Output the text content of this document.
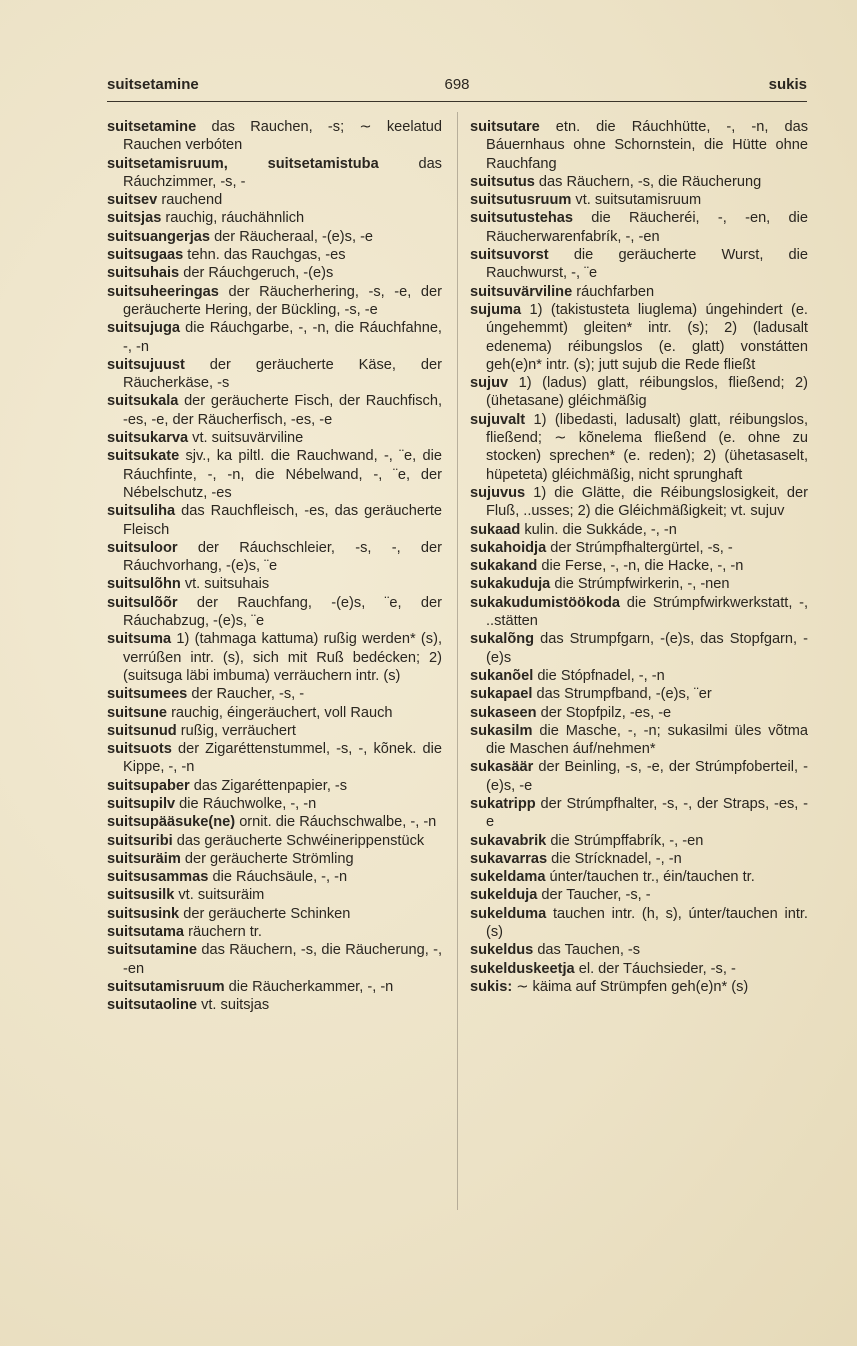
suitsetamine	698	sukis

suitsetamine das Rauchen, -s; ∼ keelatud Rauchen verbóten

suitsetamisruum, suitsetamistuba das Ráuchzimmer, -s, -

suitsev rauchend

suitsjas rauchig, ráuchähnlich

suitsuangerjas der Räucheraal, -(e)s, -e

suitsugaas tehn. das Rauchgas, -es

suitsuhais der Ráuchgeruch, -(e)s

suitsuheeringas der Räucherhering, -s, -e, der geräucherte Hering, der Bückling, -s, -e

suitsujuga die Ráuchgarbe, -, -n, die Ráuchfahne, -, -n

suitsujuust der geräucherte Käse, der Räucherkäse, -s

suitsukala der geräucherte Fisch, der Rauchfisch, -es, -e, der Räucherfisch, -es, -e

suitsukarva vt. suitsuvärviline

suitsukate sjv., ka piltl. die Rauchwand, -, ¨e, die Ráuchfinte, -, -n, die Nébelwand, -, ¨e, der Nébelschutz, -es

suitsuliha das Rauchfleisch, -es, das geräucherte Fleisch

suitsuloor der Ráuchschleier, -s, -, der Ráuchvorhang, -(e)s, ¨e

suitsulõhn vt. suitsuhais

suitsulõõr der Rauchfang, -(e)s, ¨e, der Ráuchabzug, -(e)s, ¨e

suitsuma 1) (tahmaga kattuma) rußig werden* (s), verrúßen intr. (s), sich mit Ruß bedécken; 2) (suitsuga läbi imbuma) verräuchern intr. (s)

suitsumees der Raucher, -s, -

suitsune rauchig, éingeräuchert, voll Rauch

suitsunud rußig, verräuchert

suitsuots der Zigaréttenstummel, -s, -, kõnek. die Kippe, -, -n

suitsupaber das Zigaréttenpapier, -s

suitsupilv die Ráuchwolke, -, -n

suitsupääsuke(ne) ornit. die Ráuchschwalbe, -, -n

suitsuribi das geräucherte Schwéinerippenstück

suitsuräim der geräucherte Strömling

suitsusammas die Ráuchsäule, -, -n

suitsusilk vt. suitsuräim

suitsusink der geräucherte Schinken

suitsutama räuchern tr.

suitsutamine das Räuchern, -s, die Räucherung, -, -en

suitsutamisruum die Räucherkammer, -, -n

suitsutaoline vt. suitsjas

suitsutare etn. die Ráuchhütte, -, -n, das Báuernhaus ohne Schornstein, die Hütte ohne Rauchfang

suitsutus das Räuchern, -s, die Räucherung

suitsutusruum vt. suitsutamisruum

suitsutustehas die Räucheréi, -, -en, die Räucherwarenfabrík, -, -en

suitsuvorst die geräucherte Wurst, die Rauchwurst, -, ¨e

suitsuvärviline ráuchfarben

sujuma 1) (takistusteta liuglema) úngehindert (e. úngehemmt) gleiten* intr. (s); 2) (ladusalt edenema) réibungslos (e. glatt) vonstátten geh(e)n* intr. (s); jutt sujub die Rede fließt

sujuv 1) (ladus) glatt, réibungslos, fließend; 2) (ühetasane) gléichmäßig

sujuvalt 1) (libedasti, ladusalt) glatt, réibungslos, fließend; ∼ kõnelema fließend (e. ohne zu stocken) sprechen* (e. reden); 2) (ühetasaselt, hüpeteta) gléichmäßig, nicht sprunghaft

sujuvus 1) die Glätte, die Réibungslosigkeit, der Fluß, ..usses; 2) die Gléichmäßigkeit; vt. sujuv

sukaad kulin. die Sukkáde, -, -n

sukahoidja der Strúmpfhaltergürtel, -s, -

sukakand die Ferse, -, -n, die Hacke, -, -n

sukakuduja die Strúmpfwirkerin, -, -nen

sukakudumistöökoda die Strúmpfwirkwerkstatt, -, ..stätten

sukalõng das Strumpfgarn, -(e)s, das Stopfgarn, -(e)s

sukanõel die Stópfnadel, -, -n

sukapael das Strumpfband, -(e)s, ¨er

sukaseen der Stopfpilz, -es, -e

sukasilm die Masche, -, -n; sukasilmi üles võtma die Maschen áuf/nehmen*

sukasäär der Beinling, -s, -e, der Strúmpfoberteil, -(e)s, -e

sukatripp der Strúmpfhalter, -s, -, der Straps, -es, -e

sukavabrik die Strúmpffabrík, -, -en

sukavarras die Strícknadel, -, -n

sukeldama únter/tauchen tr., éin/tauchen tr.

sukelduja der Taucher, -s, -

sukelduma tauchen intr. (h, s), únter/tauchen intr. (s)

sukeldus das Tauchen, -s

sukelduskeetja el. der Táuchsieder, -s, -

sukis: ∼ käima auf Strümpfen geh(e)n* (s)
